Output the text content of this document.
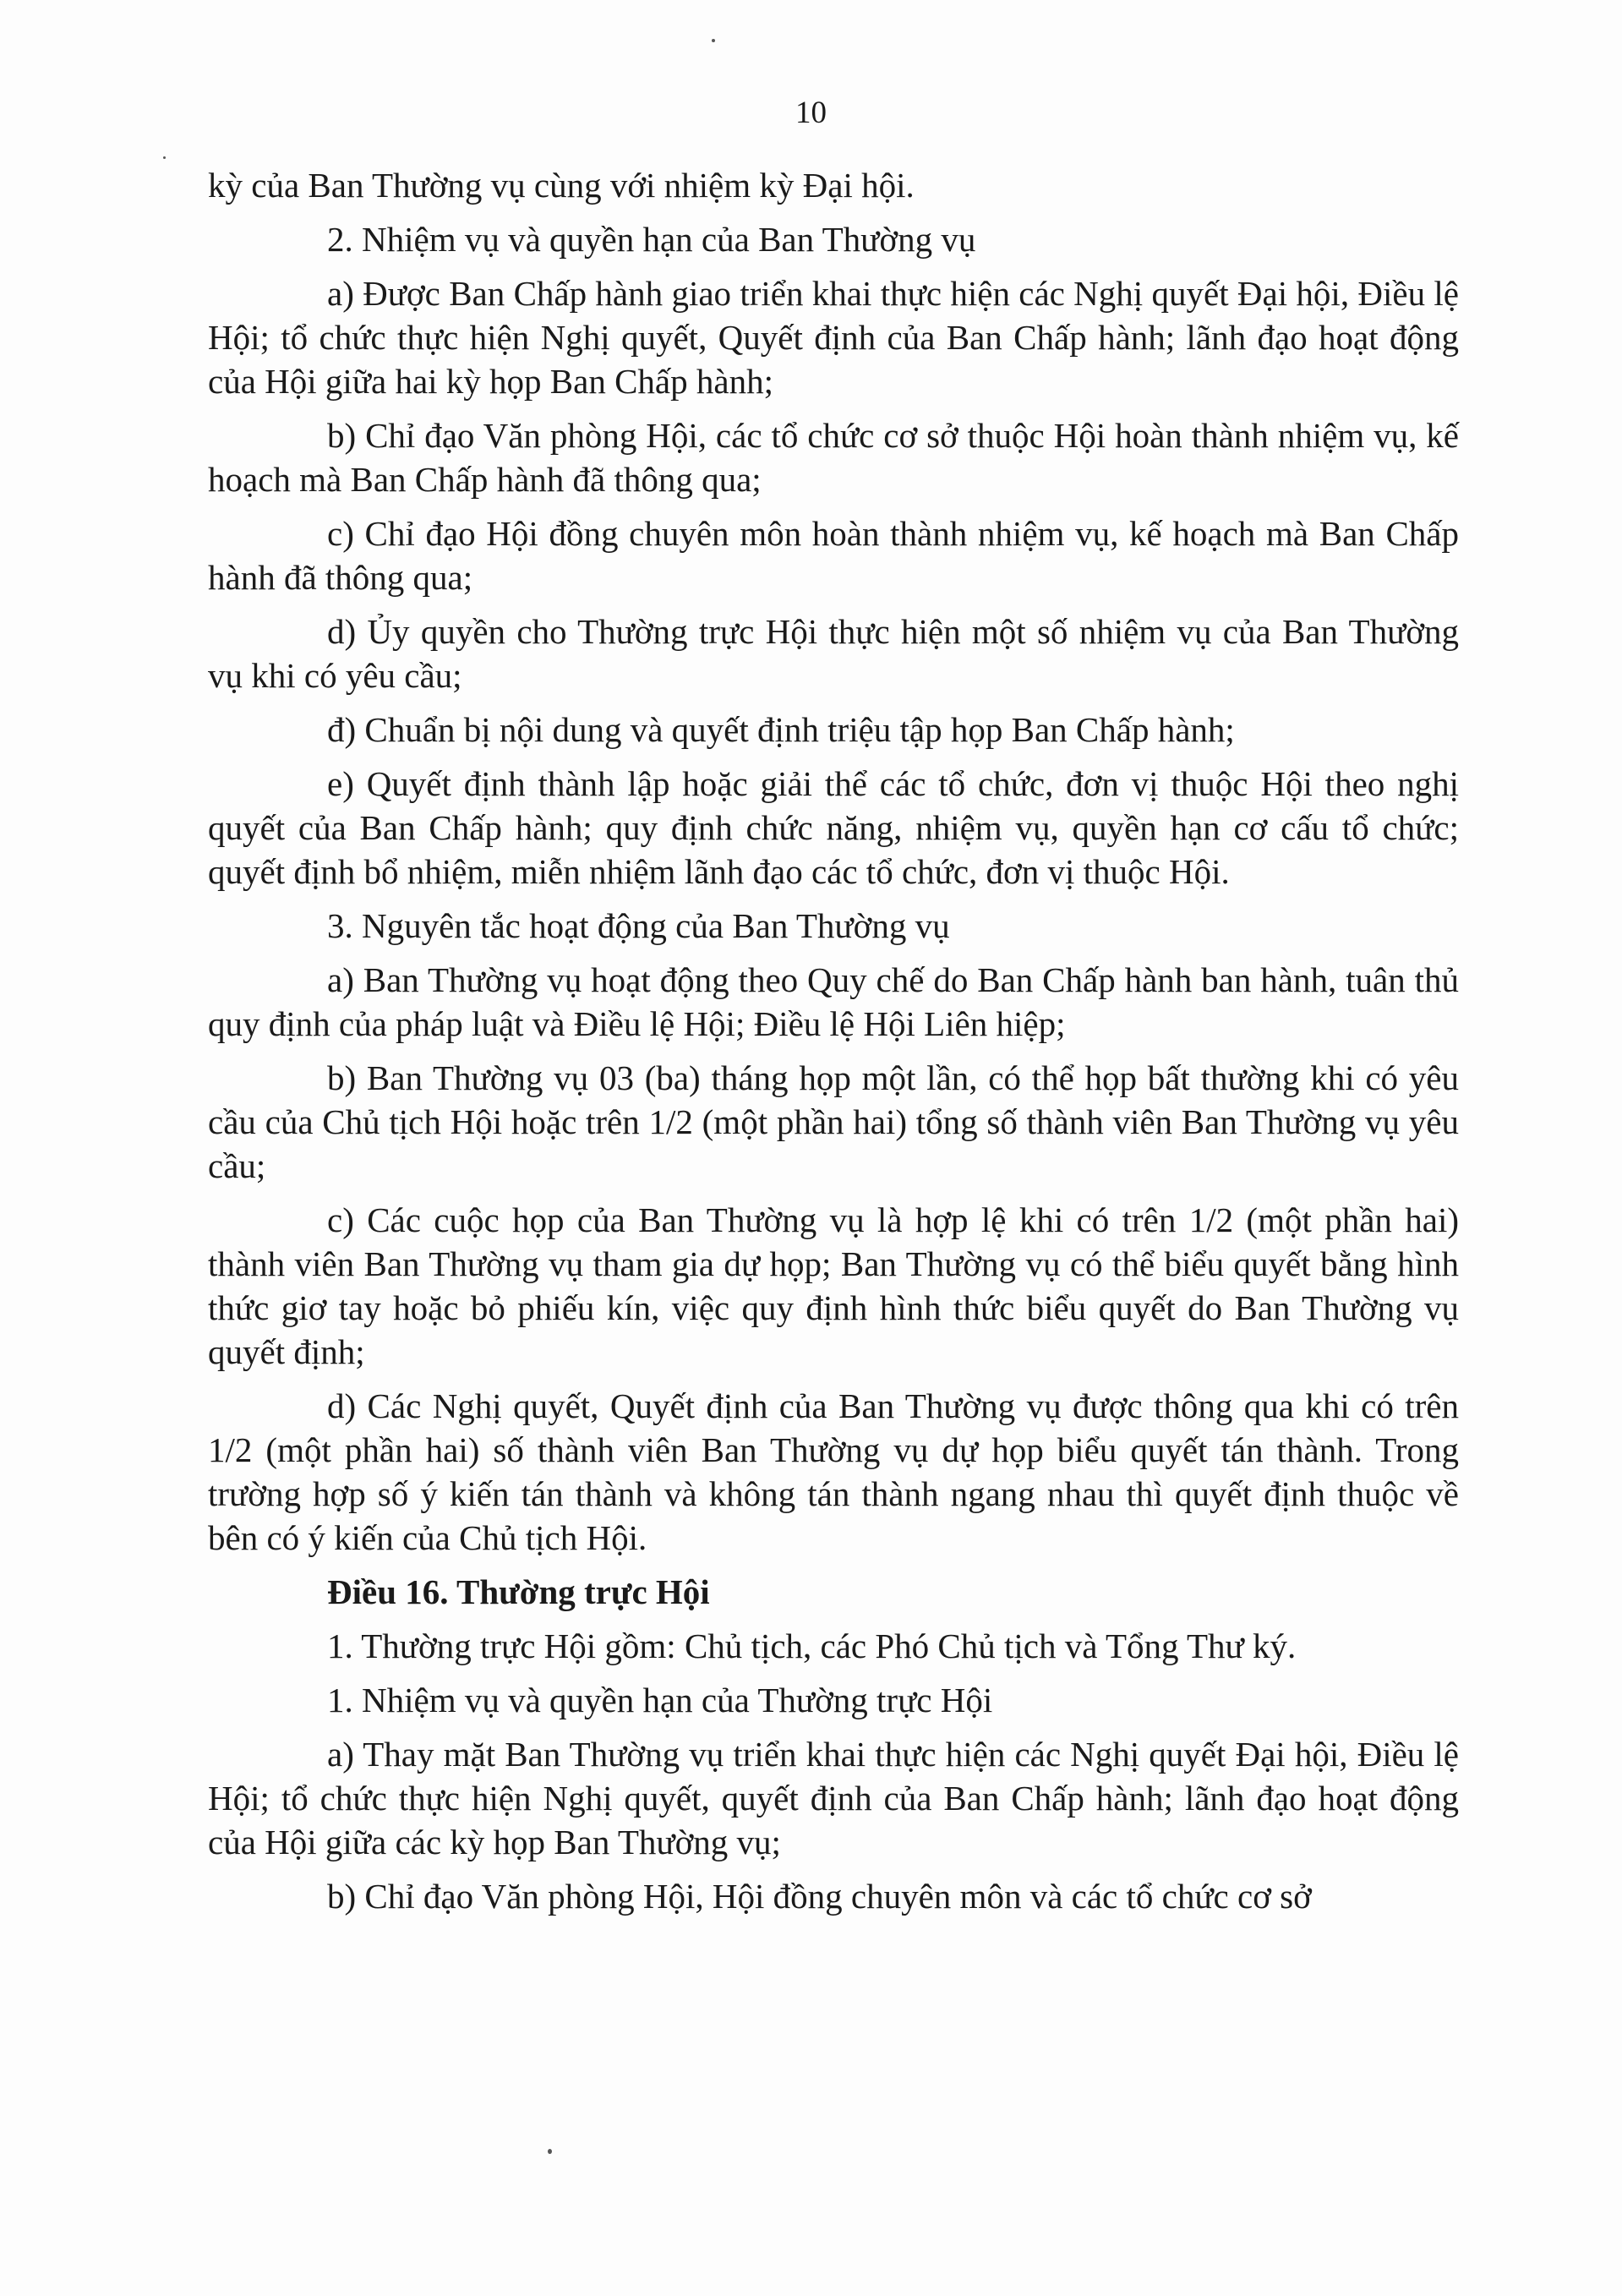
10

kỳ của Ban Thường vụ cùng với nhiệm kỳ Đại hội.

2. Nhiệm vụ và quyền hạn của Ban Thường vụ

a) Được Ban Chấp hành giao triển khai thực hiện các Nghị quyết Đại hội, Điều lệ Hội; tổ chức thực hiện Nghị quyết, Quyết định của Ban Chấp hành; lãnh đạo hoạt động của Hội giữa hai kỳ họp Ban Chấp hành;

b) Chỉ đạo Văn phòng Hội, các tổ chức cơ sở thuộc Hội hoàn thành nhiệm vụ, kế hoạch mà Ban Chấp hành đã thông qua;

c) Chỉ đạo Hội đồng chuyên môn hoàn thành nhiệm vụ, kế hoạch mà Ban Chấp hành đã thông qua;

d) Ủy quyền cho Thường trực Hội thực hiện một số nhiệm vụ của Ban Thường vụ khi có yêu cầu;

đ) Chuẩn bị nội dung và quyết định triệu tập họp Ban Chấp hành;

e) Quyết định thành lập hoặc giải thể các tổ chức, đơn vị thuộc Hội theo nghị quyết của Ban Chấp hành; quy định chức năng, nhiệm vụ, quyền hạn cơ cấu tổ chức; quyết định bổ nhiệm, miễn nhiệm lãnh đạo các tổ chức, đơn vị thuộc Hội.

3. Nguyên tắc hoạt động của Ban Thường vụ

a) Ban Thường vụ hoạt động theo Quy chế do Ban Chấp hành ban hành, tuân thủ quy định của pháp luật và Điều lệ Hội; Điều lệ Hội Liên hiệp;

b) Ban Thường vụ 03 (ba) tháng họp một lần, có thể họp bất thường khi có yêu cầu của Chủ tịch Hội hoặc trên 1/2 (một phần hai) tổng số thành viên Ban Thường vụ yêu cầu;

c) Các cuộc họp của Ban Thường vụ là hợp lệ khi có trên 1/2 (một phần hai) thành viên Ban Thường vụ tham gia dự họp; Ban Thường vụ có thể biểu quyết bằng hình thức giơ tay hoặc bỏ phiếu kín, việc quy định hình thức biểu quyết do Ban Thường vụ quyết định;

d) Các Nghị quyết, Quyết định của Ban Thường vụ được thông qua khi có trên 1/2 (một phần hai) số thành viên Ban Thường vụ dự họp biểu quyết tán thành. Trong trường hợp số ý kiến tán thành và không tán thành ngang nhau thì quyết định thuộc về bên có ý kiến của Chủ tịch Hội.

Điều 16. Thường trực Hội

1. Thường trực Hội gồm: Chủ tịch, các Phó Chủ tịch và Tổng Thư ký.

1. Nhiệm vụ và quyền hạn của Thường trực Hội

a) Thay mặt Ban Thường vụ triển khai thực hiện các Nghị quyết Đại hội, Điều lệ Hội; tổ chức thực hiện Nghị quyết, quyết định của Ban Chấp hành; lãnh đạo hoạt động của Hội giữa các kỳ họp Ban Thường vụ;

b) Chỉ đạo Văn phòng Hội, Hội đồng chuyên môn và các tổ chức cơ sở
